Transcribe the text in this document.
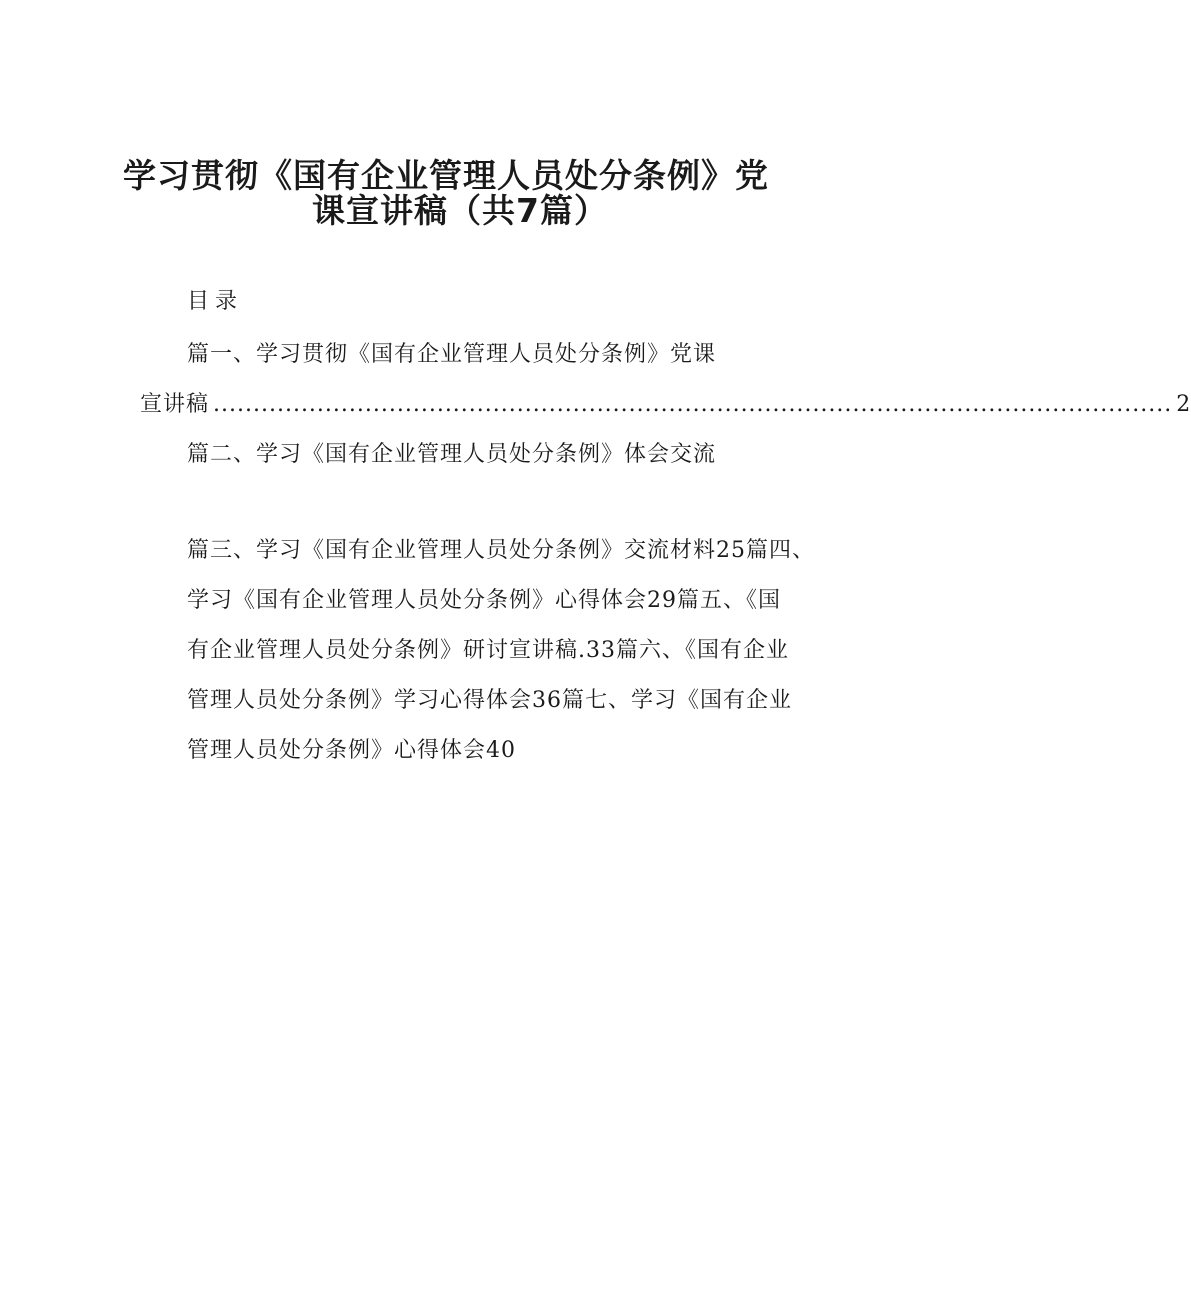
学习贯彻《国有企业管理人员处分条例》党
课宣讲稿（共7篇）
目录
篇一、学习贯彻《国有企业管理人员处分条例》党课
宣讲稿 ........................................................................................................................ 2
篇二、学习《国有企业管理人员处分条例》体会交流
篇三、学习《国有企业管理人员处分条例》交流材料25篇四、
学习《国有企业管理人员处分条例》心得体会29篇五、《国
有企业管理人员处分条例》研讨宣讲稿.33篇六、《国有企业
管理人员处分条例》学习心得体会36篇七、学习《国有企业
管理人员处分条例》心得体会40
